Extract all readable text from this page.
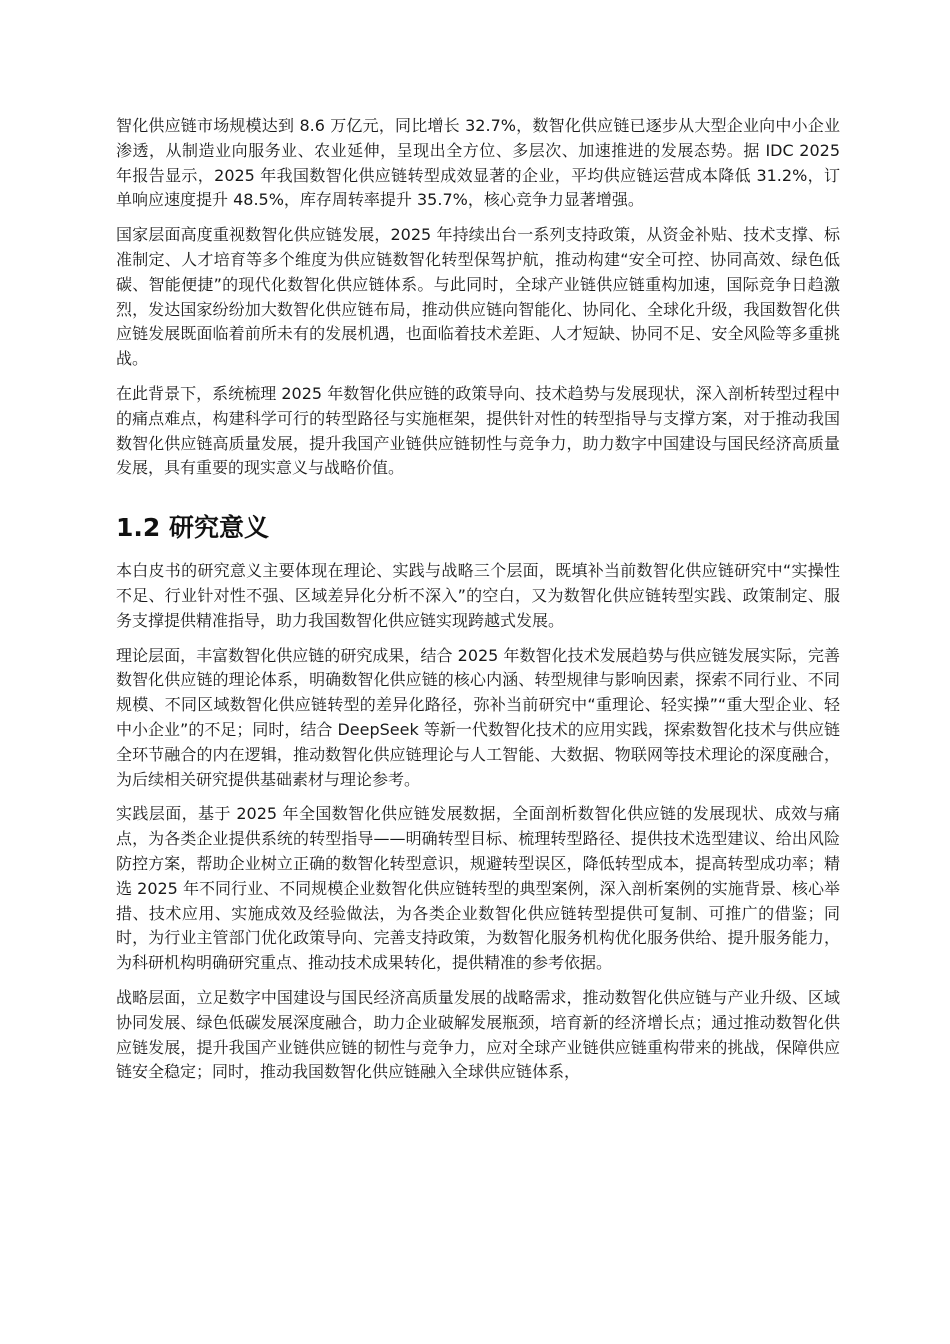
智化供应链市场规模达到 8.6 万亿元，同比增长 32.7%，数智化供应链已逐步从大型企业向中小企业渗透，从制造业向服务业、农业延伸，呈现出全方位、多层次、加速推进的发展态势。据 IDC 2025 年报告显示，2025 年我国数智化供应链转型成效显著的企业，平均供应链运营成本降低 31.2%，订单响应速度提升 48.5%，库存周转率提升 35.7%，核心竞争力显著增强。

国家层面高度重视数智化供应链发展，2025 年持续出台一系列支持政策，从资金补贴、技术支撑、标准制定、人才培育等多个维度为供应链数智化转型保驾护航，推动构建“安全可控、协同高效、绿色低碳、智能便捷”的现代化数智化供应链体系。与此同时，全球产业链供应链重构加速，国际竞争日趋激烈，发达国家纷纷加大数智化供应链布局，推动供应链向智能化、协同化、全球化升级，我国数智化供应链发展既面临着前所未有的发展机遇，也面临着技术差距、人才短缺、协同不足、安全风险等多重挑战。

在此背景下，系统梳理 2025 年数智化供应链的政策导向、技术趋势与发展现状，深入剖析转型过程中的痛点难点，构建科学可行的转型路径与实施框架，提供针对性的转型指导与支撑方案，对于推动我国数智化供应链高质量发展，提升我国产业链供应链韧性与竞争力，助力数字中国建设与国民经济高质量发展，具有重要的现实意义与战略价值。

1.2 研究意义

本白皮书的研究意义主要体现在理论、实践与战略三个层面，既填补当前数智化供应链研究中“实操性不足、行业针对性不强、区域差异化分析不深入”的空白，又为数智化供应链转型实践、政策制定、服务支撑提供精准指导，助力我国数智化供应链实现跨越式发展。

理论层面，丰富数智化供应链的研究成果，结合 2025 年数智化技术发展趋势与供应链发展实际，完善数智化供应链的理论体系，明确数智化供应链的核心内涵、转型规律与影响因素，探索不同行业、不同规模、不同区域数智化供应链转型的差异化路径，弥补当前研究中“重理论、轻实操”“重大型企业、轻中小企业”的不足；同时，结合 DeepSeek 等新一代数智化技术的应用实践，探索数智化技术与供应链全环节融合的内在逻辑，推动数智化供应链理论与人工智能、大数据、物联网等技术理论的深度融合，为后续相关研究提供基础素材与理论参考。

实践层面，基于 2025 年全国数智化供应链发展数据，全面剖析数智化供应链的发展现状、成效与痛点，为各类企业提供系统的转型指导——明确转型目标、梳理转型路径、提供技术选型建议、给出风险防控方案，帮助企业树立正确的数智化转型意识，规避转型误区，降低转型成本，提高转型成功率；精选 2025 年不同行业、不同规模企业数智化供应链转型的典型案例，深入剖析案例的实施背景、核心举措、技术应用、实施成效及经验做法，为各类企业数智化供应链转型提供可复制、可推广的借鉴；同时，为行业主管部门优化政策导向、完善支持政策，为数智化服务机构优化服务供给、提升服务能力，为科研机构明确研究重点、推动技术成果转化，提供精准的参考依据。

战略层面，立足数字中国建设与国民经济高质量发展的战略需求，推动数智化供应链与产业升级、区域协同发展、绿色低碳发展深度融合，助力企业破解发展瓶颈，培育新的经济增长点；通过推动数智化供应链发展，提升我国产业链供应链的韧性与竞争力，应对全球产业链供应链重构带来的挑战，保障供应链安全稳定；同时，推动我国数智化供应链融入全球供应链体系，
